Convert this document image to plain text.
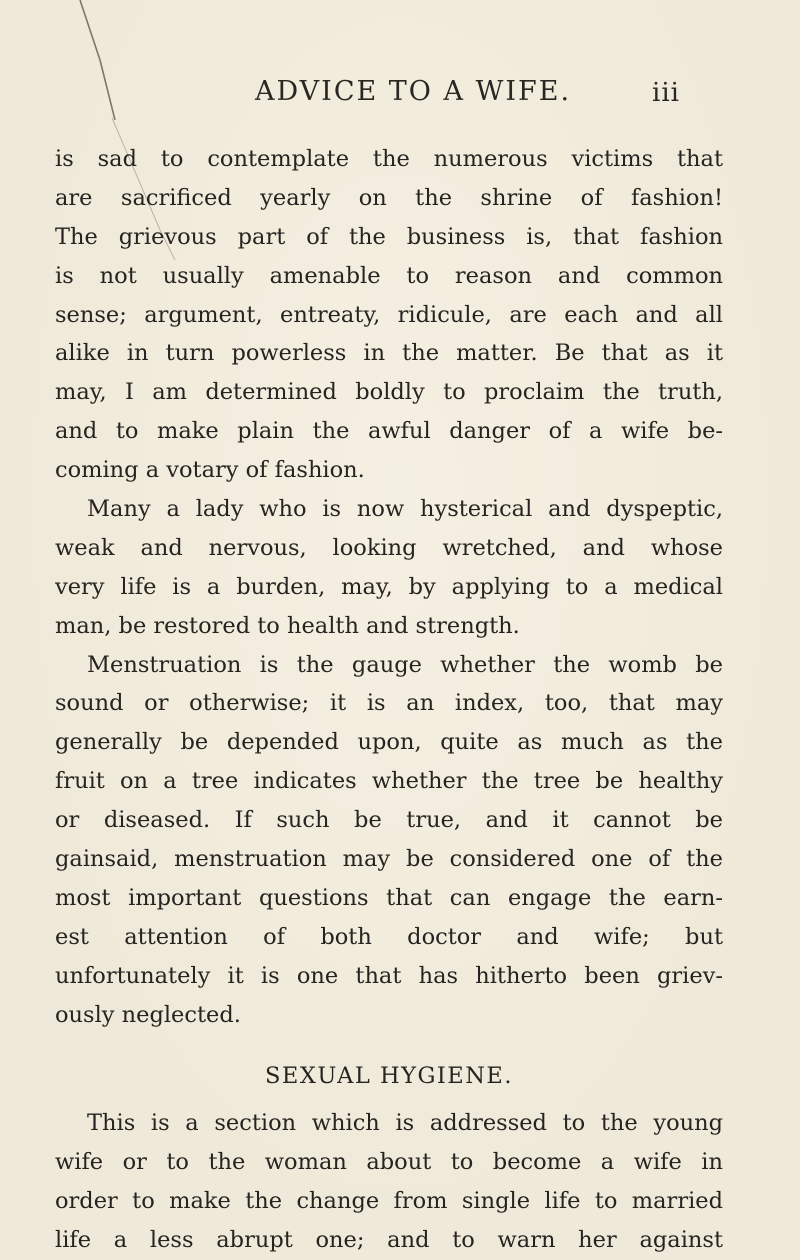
ADVICE TO A WIFE.	iii
is sad to contemplate the numerous victims that
are sacrificed yearly on the shrine of fashion!
The grievous part of the business is, that fashion
is not usually amenable to reason and common
sense; argument, entreaty, ridicule, are each and all
alike in turn powerless in the matter. Be that as it
may, I am determined boldly to proclaim the truth,
and to make plain the awful danger of a wife be-
coming a votary of fashion.
Many a lady who is now hysterical and dyspeptic,
weak and nervous, looking wretched, and whose
very life is a burden, may, by applying to a medical
man, be restored to health and strength.
Menstruation is the gauge whether the womb be
sound or otherwise; it is an index, too, that may
generally be depended upon, quite as much as the
fruit on a tree indicates whether the tree be healthy
or diseased. If such be true, and it cannot be
gainsaid, menstruation may be considered one of the
most important questions that can engage the earn-
est attention of both doctor and wife; but
unfortunately it is one that has hitherto been griev-
ously neglected.
SEXUAL HYGIENE.
This is a section which is addressed to the young
wife or to the woman about to become a wife in
order to make the change from single life to married
life a less abrupt one; and to warn her against
